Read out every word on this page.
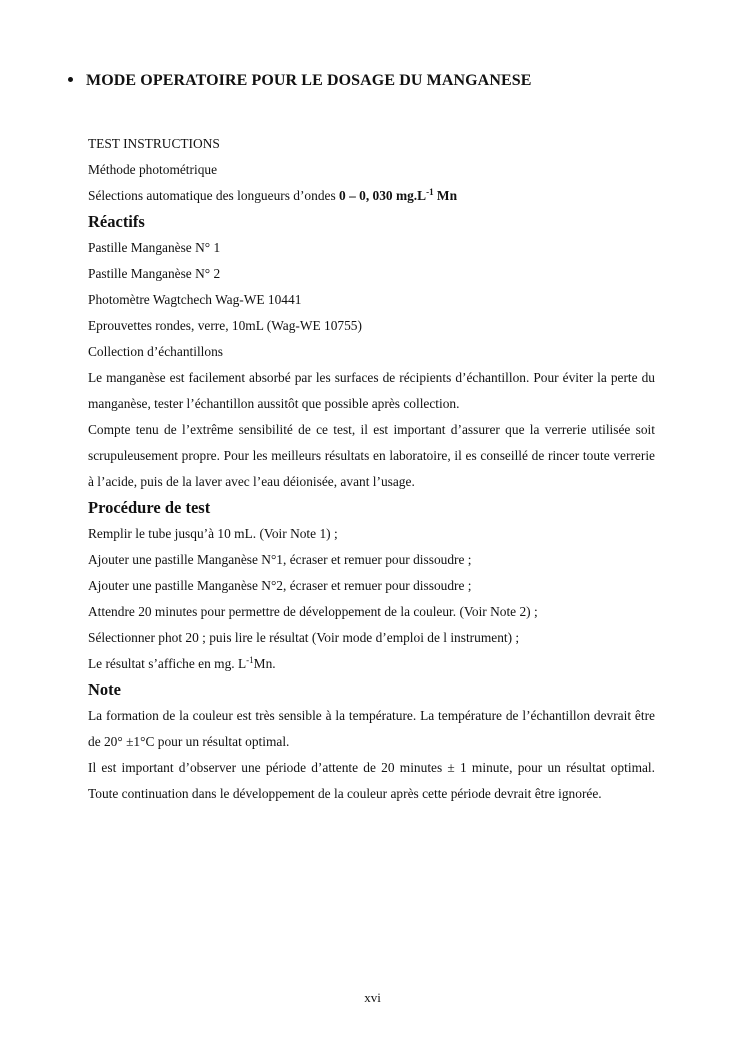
MODE OPERATOIRE POUR LE DOSAGE DU MANGANESE
TEST INSTRUCTIONS
Méthode photométrique
Sélections automatique des longueurs d’ondes 0 – 0, 030 $mg.L^{-1}$ Mn
Réactifs
Pastille Manganèse N° 1
Pastille Manganèse N° 2
Photomètre Wagtchech Wag-WE 10441
Eprouvettes rondes, verre, 10mL (Wag-WE 10755)
Collection d’échantillons
Le manganèse est facilement absorbé par les surfaces de récipients d’échantillon. Pour éviter la perte du manganèse, tester l’échantillon aussitôt que possible après collection.
Compte tenu de l’extrême sensibilité de ce test, il est important d’assurer que la verrerie utilisée soit scrupuleusement propre. Pour les meilleurs résultats en laboratoire, il es conseillé de rincer toute verrerie à l’acide, puis de la laver avec l’eau déionisée, avant l’usage.
Procédure de test
Remplir le tube jusqu’à 10 mL. (Voir Note 1) ;
Ajouter une pastille Manganèse N°1, écraser et remuer pour dissoudre ;
Ajouter une pastille Manganèse N°2, écraser et remuer pour dissoudre ;
Attendre 20 minutes pour permettre de développement de la couleur. (Voir Note 2) ;
Sélectionner phot 20 ; puis lire le résultat (Voir mode d’emploi de l instrument) ;
Le résultat s’affiche en mg. $L^{-1}Mn$.
Note
La formation de la couleur est très sensible à la température. La température de l’échantillon devrait être de 20° ±1°C pour un résultat optimal.
Il est important d’observer une période d’attente de 20 minutes ± 1 minute, pour un résultat optimal. Toute continuation dans le développement de la couleur après cette période devrait être ignorée.
xvi
